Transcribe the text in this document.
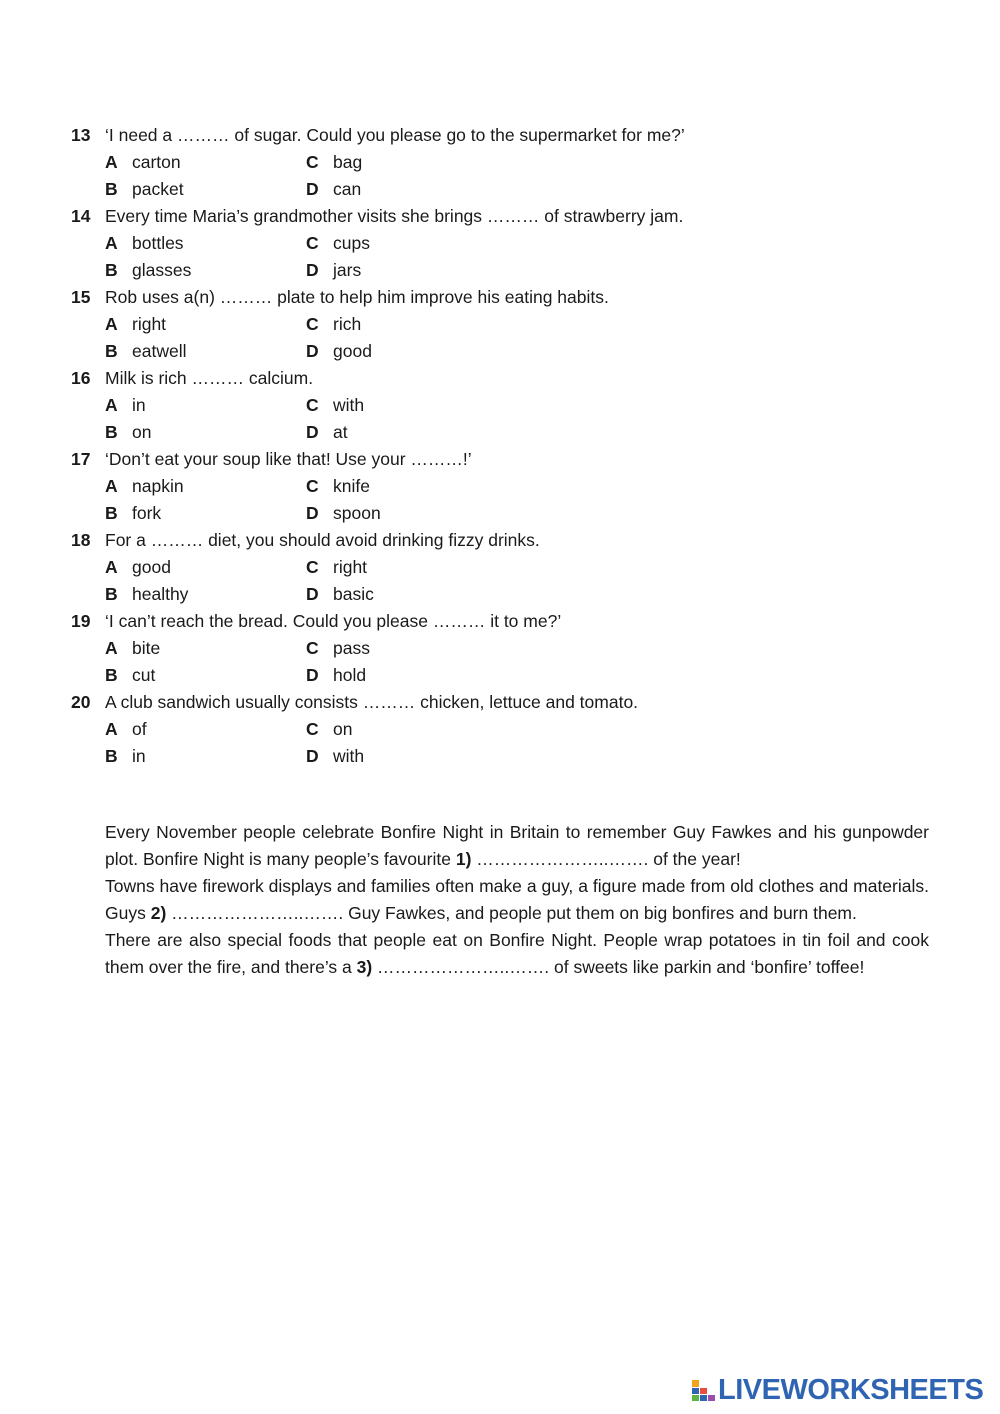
13 ‘I need a ……… of sugar. Could you please go to the supermarket for me?’
A carton	C bag
B packet	D can
14 Every time Maria’s grandmother visits she brings ……… of strawberry jam.
A bottles	C cups
B glasses	D jars
15 Rob uses a(n) ……… plate to help him improve his eating habits.
A right	C rich
B eatwell	D good
16 Milk is rich ……… calcium.
A in	C with
B on	D at
17 ‘Don’t eat your soup like that! Use your ………!’
A napkin	C knife
B fork	D spoon
18 For a ……… diet, you should avoid drinking fizzy drinks.
A good	C right
B healthy	D basic
19 ‘I can’t reach the bread. Could you please ……… it to me?’
A bite	C pass
B cut	D hold
20 A club sandwich usually consists ……… chicken, lettuce and tomato.
A of	C on
B in	D with

Every November people celebrate Bonfire Night in Britain to remember Guy Fawkes and his gunpowder plot. Bonfire Night is many people’s favourite 1) …………………..……. of the year!

Towns have firework displays and families often make a guy, a figure made from old clothes and materials. Guys 2) …………………..……. Guy Fawkes, and people put them on big bonfires and burn them.

There are also special foods that people eat on Bonfire Night. People wrap potatoes in tin foil and cook them over the fire, and there’s a 3) …………………..……. of sweets like parkin and ‘bonfire’ toffee!

LIVEWORKSHEETS
